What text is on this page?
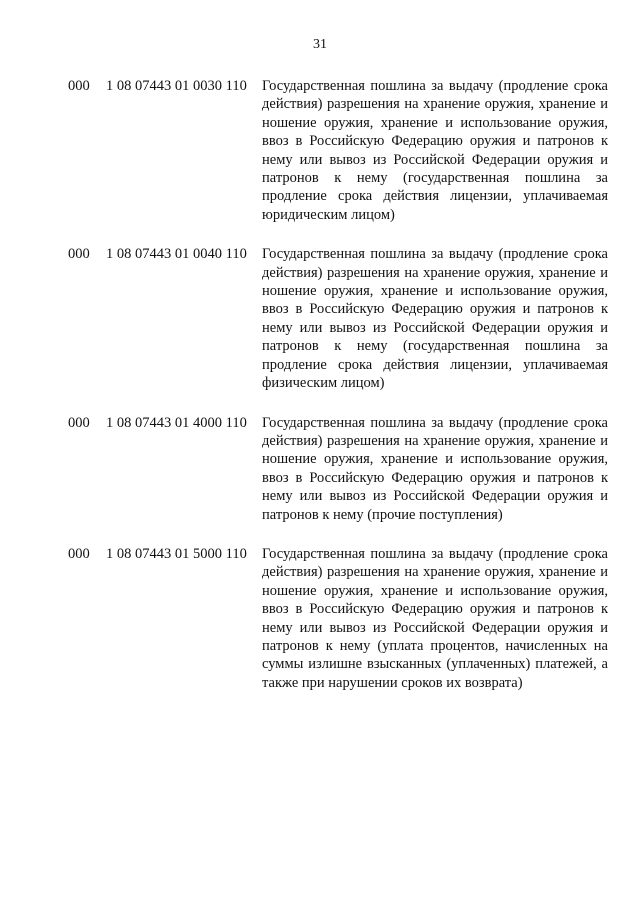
31
000	1 08 07443 01 0030 110	Государственная пошлина за выдачу (продление срока действия) разрешения на хранение оружия, хранение и ношение оружия, хранение и использование оружия, ввоз в Российскую Федерацию оружия и патронов к нему или вывоз из Российской Федерации оружия и патронов к нему (государственная пошлина за продление срока действия лицензии, уплачиваемая юридическим лицом)
000	1 08 07443 01 0040 110	Государственная пошлина за выдачу (продление срока действия) разрешения на хранение оружия, хранение и ношение оружия, хранение и использование оружия, ввоз в Российскую Федерацию оружия и патронов к нему или вывоз из Российской Федерации оружия и патронов к нему (государственная пошлина за продление срока действия лицензии, уплачиваемая физическим лицом)
000	1 08 07443 01 4000 110	Государственная пошлина за выдачу (продление срока действия) разрешения на хранение оружия, хранение и ношение оружия, хранение и использование оружия, ввоз в Российскую Федерацию оружия и патронов к нему или вывоз из Российской Федерации оружия и патронов к нему (прочие поступления)
000	1 08 07443 01 5000 110	Государственная пошлина за выдачу (продление срока действия) разрешения на хранение оружия, хранение и ношение оружия, хранение и использование оружия, ввоз в Российскую Федерацию оружия и патронов к нему или вывоз из Российской Федерации оружия и патронов к нему (уплата процентов, начисленных на суммы излишне взысканных (уплаченных) платежей, а также при нарушении сроков их возврата)
